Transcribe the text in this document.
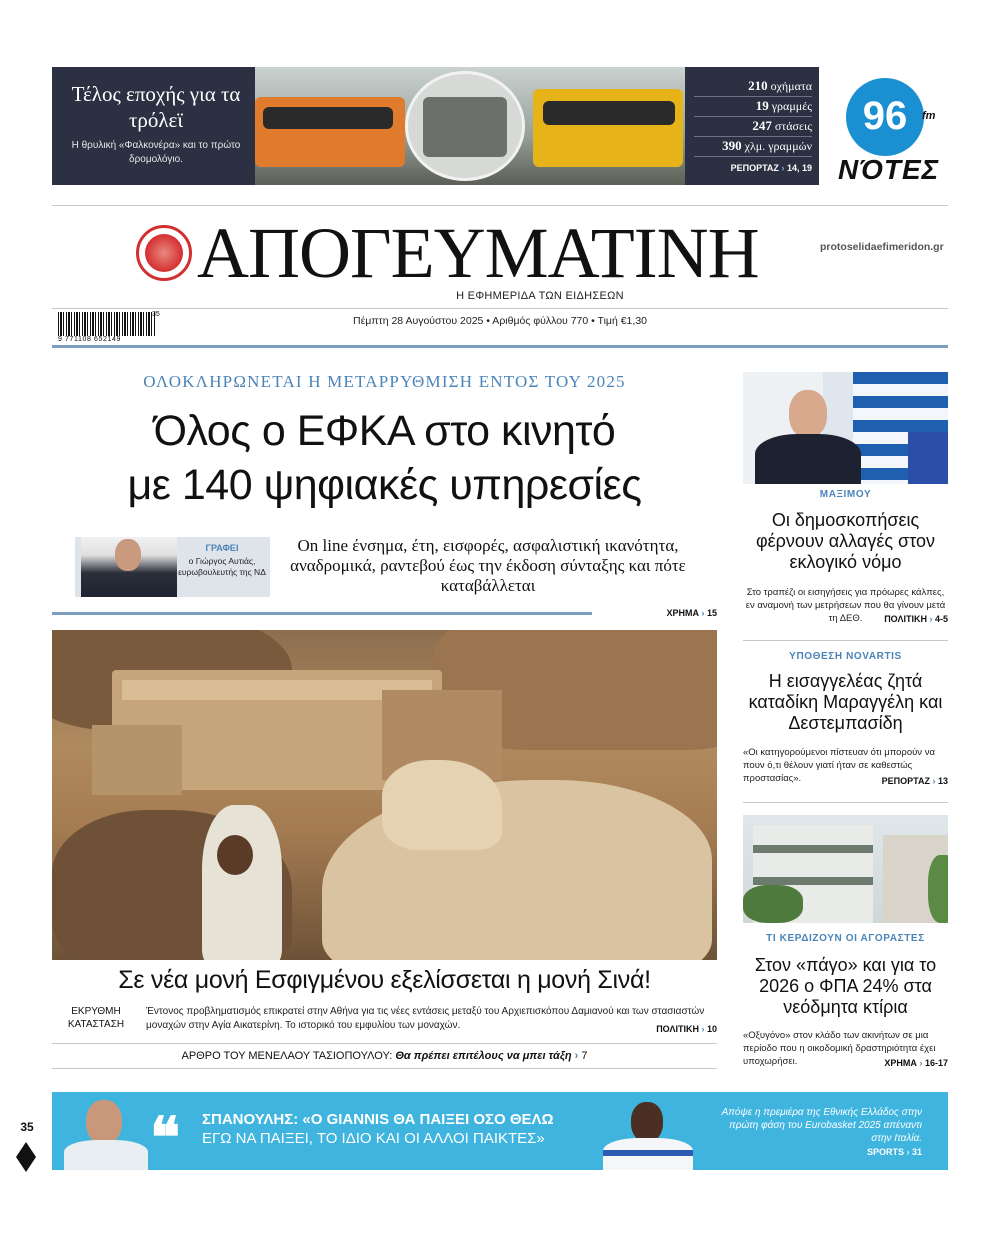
Τέλος εποχής για τα τρόλεϊ
Η θρυλική «Φαλκονέρα» και το πρώτο δρομολόγιο.
210 οχήματα
19 γραμμές
247 στάσεις
390 χλμ. γραμμών
ΡΕΠΟΡΤΑΖ › 14, 19
96	fm
ΝΌΤΕΣ
ΑΠΟΓΕΥΜΑΤΙΝΗ	protoselidaefimeridon.gr
Η ΕΦΗΜΕΡΙΔΑ ΤΩΝ ΕΙΔΗΣΕΩΝ
35
9 771108 652149
Πέμπτη 28 Αυγούστου 2025 • Αριθμός φύλλου 770 • Τιμή €1,30
ΟΛΟΚΛΗΡΩΝΕΤΑΙ Η ΜΕΤΑΡΡΥΘΜΙΣΗ ΕΝΤΟΣ ΤΟΥ 2025
Όλος ο ΕΦΚΑ στο κινητό
με 140 ψηφιακές υπηρεσίες
ΓΡΑΦΕΙ
ο Γιώργος Αυτιάς, ευρωβουλευτής της ΝΔ
On line ένσημα, έτη, εισφορές, ασφαλιστική ικανότητα, αναδρομικά, ραντεβού έως την έκδοση σύνταξης και πότε καταβάλλεται
ΧΡΗΜΑ › 15
Σε νέα μονή Εσφιγμένου εξελίσσεται η μονή Σινά!
ΕΚΡΥΘΜΗ ΚΑΤΑΣΤΑΣΗ
Έντονος προβληματισμός επικρατεί στην Αθήνα για τις νέες εντάσεις μεταξύ του Αρχιεπισκόπου Δαμιανού και των στασιαστών μοναχών στην Αγία Αικατερίνη. Το ιστορικό του εμφυλίου των μοναχών.	ΠΟΛΙΤΙΚΗ › 10
ΑΡΘΡΟ ΤΟΥ ΜΕΝΕΛΑΟΥ ΤΑΣΙΟΠΟΥΛΟΥ: Θα πρέπει επιτέλους να μπει τάξη › 7
ΜΑΞΙΜΟΥ
Οι δημοσκοπήσεις φέρνουν αλλαγές στον εκλογικό νόμο
Στο τραπέζι οι εισηγήσεις για πρόωρες κάλπες, εν αναμονή των μετρήσεων που θα γίνουν μετά τη ΔΕΘ.	ΠΟΛΙΤΙΚΗ › 4-5
ΥΠΟΘΕΣΗ NOVARTIS
Η εισαγγελέας ζητά καταδίκη Μαραγγέλη και Δεστεμπασίδη
«Οι κατηγορούμενοι πίστευαν ότι μπορούν να πουν ό,τι θέλουν γιατί ήταν σε καθεστώς προστασίας».	ΡΕΠΟΡΤΑΖ › 13
ΤΙ ΚΕΡΔΙΖΟΥΝ ΟΙ ΑΓΟΡΑΣΤΕΣ
Στον «πάγο» και για το 2026 ο ΦΠΑ 24% στα νεόδμητα κτίρια
«Οξυγόνο» στον κλάδο των ακινήτων σε μια περίοδο που η οικοδομική δραστηριότητα έχει υποχωρήσει.	ΧΡΗΜΑ › 16-17
35 ❝ ΣΠΑΝΟΥΛΗΣ: «Ο GIANNIS ΘΑ ΠΑΙΞΕΙ ΟΣΟ ΘΕΛΩ
ΕΓΩ ΝΑ ΠΑΙΞΕΙ, ΤΟ ΙΔΙΟ ΚΑΙ ΟΙ ΑΛΛΟΙ ΠΑΙΚΤΕΣ»
Απόψε η πρεμιέρα της Εθνικής Ελλάδος στην πρώτη φάση του Eurobasket 2025 απέναντι στην Ιταλία.
SPORTS › 31
